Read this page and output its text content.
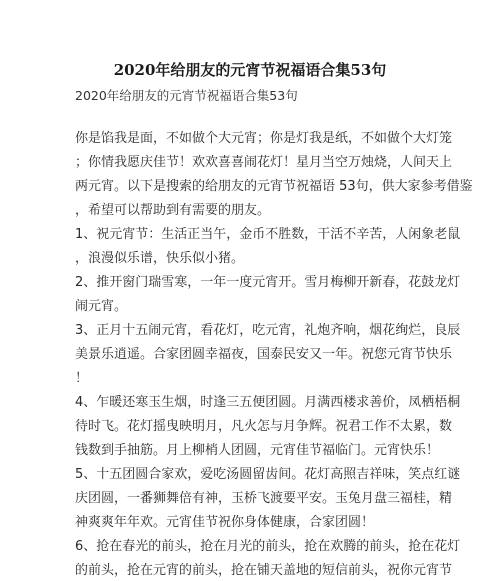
2020年给朋友的元宵节祝福语合集53句
2020年给朋友的元宵节祝福语合集53句
你是馅我是面，不如做个大元宵；你是灯我是纸，不如做个大灯笼
；你情我愿庆佳节！欢欢喜喜闹花灯！星月当空万烛烧，人间天上
两元宵。以下是搜索的给朋友的元宵节祝福语 53句，供大家参考借鉴
，希望可以帮助到有需要的朋友。
1、祝元宵节：生活正当午，金币不胜数，干活不辛苦，人闲象老鼠
，浪漫似乐谱，快乐似小猪。
2、推开窗门瑞雪寒，一年一度元宵开。雪月梅柳开新春，花鼓龙灯
闹元宵。
3、正月十五闹元宵，看花灯，吃元宵，礼炮齐响，烟花绚烂，良辰
美景乐逍遥。合家团圆幸福夜，国泰民安又一年。祝您元宵节快乐
！
4、乍暖还寒玉生烟，时逢三五便团圆。月满西楼求善价，凤栖梧桐
待时飞。花灯摇曳映明月，凡火怎与月争辉。祝君工作不太累，数
钱数到手抽筋。月上柳梢人团圆，元宵佳节福临门。元宵快乐！
5、十五团圆合家欢，爱吃汤圆留齿间。花灯高照吉祥味，笑点红谜
庆团圆，一番狮舞倍有神，玉桥飞渡要平安。玉兔月盘三福桂，精
神爽爽年年欢。元宵佳节祝你身体健康，合家团圆！
6、抢在春光的前头，抢在月光的前头，抢在欢腾的前头，抢在花灯
的前头，抢在元宵的前头，抢在铺天盖地的短信前头，祝你元宵节
